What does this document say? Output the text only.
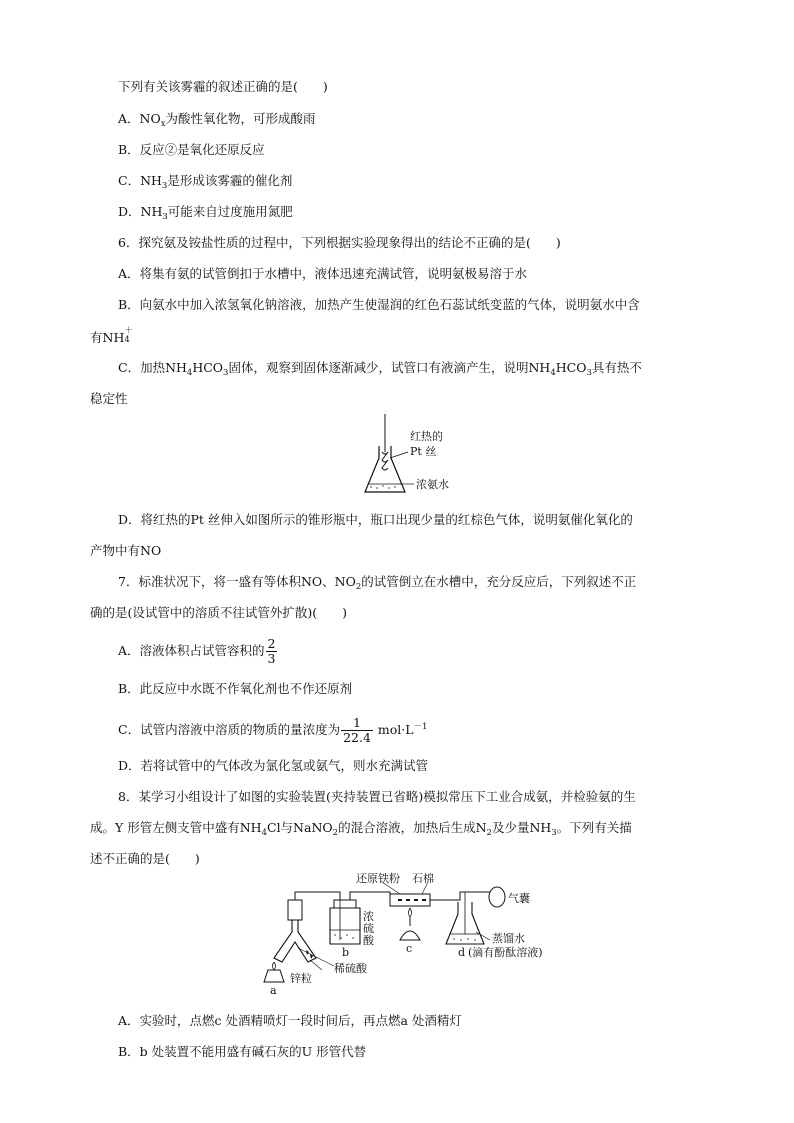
下列有关该雾霾的叙述正确的是(　　)
A．$NO_x$为酸性氧化物，可形成酸雨
B．反应②是氧化还原反应
C．$NH_3$是形成该雾霾的催化剂
D．$NH_3$可能来自过度施用氮肥
6．探究氨及铵盐性质的过程中，下列根据实验现象得出的结论不正确的是(　　)
A．将集有氨的试管倒扣于水槽中，液体迅速充满试管，说明氨极易溶于水
B．向氨水中加入浓氢氧化钠溶液，加热产生使湿润的红色石蕊试纸变蓝的气体，说明氨水中含
有NH ＋
4
C．加热$NH_4HCO_3$固体，观察到固体逐渐减少，试管口有液滴产生，说明$NH_4HCO_3$具有热不
稳定性
红热的
Pt 丝
浓氨水
D．将红热的Pt 丝伸入如图所示的锥形瓶中，瓶口出现少量的红棕色气体，说明氨催化氧化的
产物中有NO
7．标准状况下，将一盛有等体积NO、$NO_2$的试管倒立在水槽中，充分反应后，下列叙述不正
确的是(设试管中的溶质不往试管外扩散)(　　)
A．溶液体积占试管容积的 $\frac{2}{3}$
B．此反应中水既不作氧化剂也不作还原剂
C．试管内溶液中溶质的物质的量浓度为 $\frac{1}{22.4} mol\cdot L^{-1}$
D．若将试管中的气体改为氯化氢或氨气，则水充满试管
8．某学习小组设计了如图的实验装置(夹持装置已省略)模拟常压下工业合成氨，并检验氨的生
成。Y 形管左侧支管中盛有$NH_4Cl$与NaNO$_2$的混合溶液，加热后生成$N_2$及少量$NH_3$。下列有关描
述不正确的是(　　)
还原铁粉 石棉
气囊
浓
硫
酸	蒸馏水
(滴有酚酞溶液)
稀硫酸
锌粒
a
b	c	d
A．实验时，点燃c 处酒精喷灯一段时间后，再点燃a 处酒精灯
B．b 处装置不能用盛有碱石灰的U 形管代替
